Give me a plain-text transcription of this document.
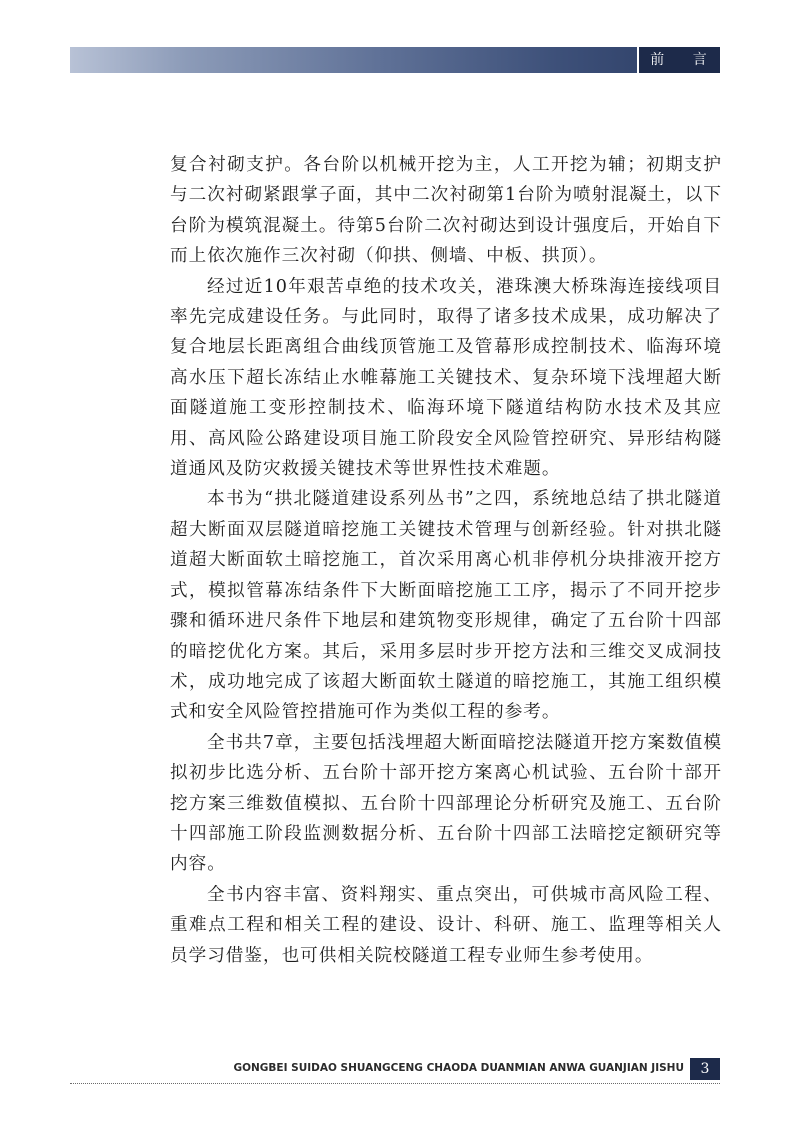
前 言

复合衬砌支护。各台阶以机械开挖为主，人工开挖为辅；初期支护与二次衬砌紧跟掌子面，其中二次衬砌第1台阶为喷射混凝土，以下台阶为模筑混凝土。待第5台阶二次衬砌达到设计强度后，开始自下而上依次施作三次衬砌（仰拱、侧墙、中板、拱顶）。

经过近10年艰苦卓绝的技术攻关，港珠澳大桥珠海连接线项目率先完成建设任务。与此同时，取得了诸多技术成果，成功解决了复合地层长距离组合曲线顶管施工及管幕形成控制技术、临海环境高水压下超长冻结止水帷幕施工关键技术、复杂环境下浅埋超大断面隧道施工变形控制技术、临海环境下隧道结构防水技术及其应用、高风险公路建设项目施工阶段安全风险管控研究、异形结构隧道通风及防灾救援关键技术等世界性技术难题。

本书为“拱北隧道建设系列丛书”之四，系统地总结了拱北隧道超大断面双层隧道暗挖施工关键技术管理与创新经验。针对拱北隧道超大断面软土暗挖施工，首次采用离心机非停机分块排液开挖方式，模拟管幕冻结条件下大断面暗挖施工工序，揭示了不同开挖步骤和循环进尺条件下地层和建筑物变形规律，确定了五台阶十四部的暗挖优化方案。其后，采用多层时步开挖方法和三维交叉成洞技术，成功地完成了该超大断面软土隧道的暗挖施工，其施工组织模式和安全风险管控措施可作为类似工程的参考。

全书共7章，主要包括浅埋超大断面暗挖法隧道开挖方案数值模拟初步比选分析、五台阶十部开挖方案离心机试验、五台阶十部开挖方案三维数值模拟、五台阶十四部理论分析研究及施工、五台阶十四部施工阶段监测数据分析、五台阶十四部工法暗挖定额研究等内容。

全书内容丰富、资料翔实、重点突出，可供城市高风险工程、重难点工程和相关工程的建设、设计、科研、施工、监理等相关人员学习借鉴，也可供相关院校隧道工程专业师生参考使用。

GONGBEI SUIDAO SHUANGCENG CHAODA DUANMIAN ANWA GUANJIAN JISHU	3
